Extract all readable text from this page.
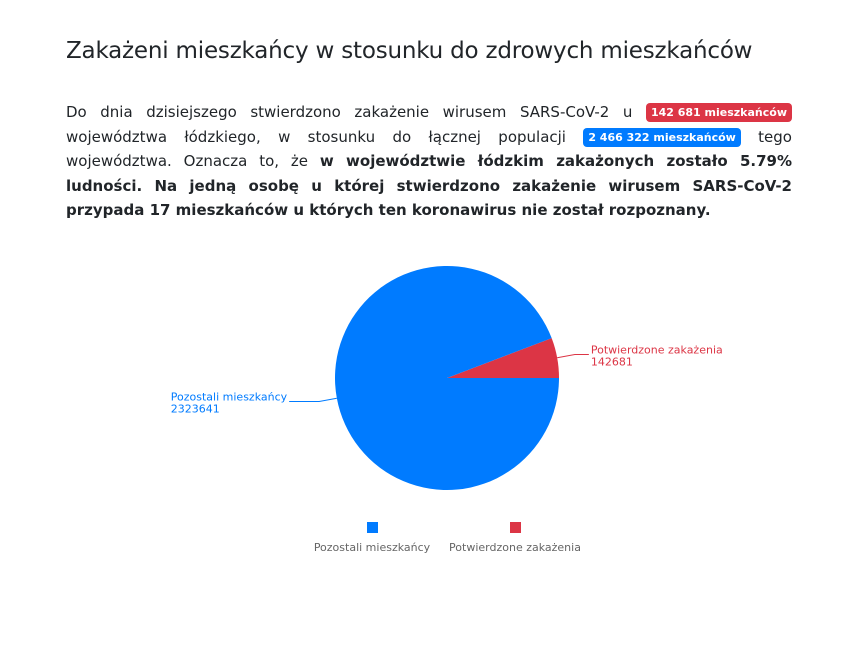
Zakażeni mieszkańcy w stosunku do zdrowych mieszkańców

Do dnia dzisiejszego stwierdzono zakażenie wirusem SARS-CoV-2 u 142 681 mieszkańców województwa łódzkiego, w stosunku do łącznej populacji 2 466 322 mieszkańców tego województwa. Oznacza to, że w województwie łódzkim zakażonych zostało 5.79% ludności. Na jedną osobę u której stwierdzono zakażenie wirusem SARS-CoV-2 przypada 17 mieszkańców u których ten koronawirus nie został rozpoznany.

Potwierdzone zakażenia
142681
Pozostali mieszkańcy
2323641
Pozostali mieszkańcy Potwierdzone zakażenia
